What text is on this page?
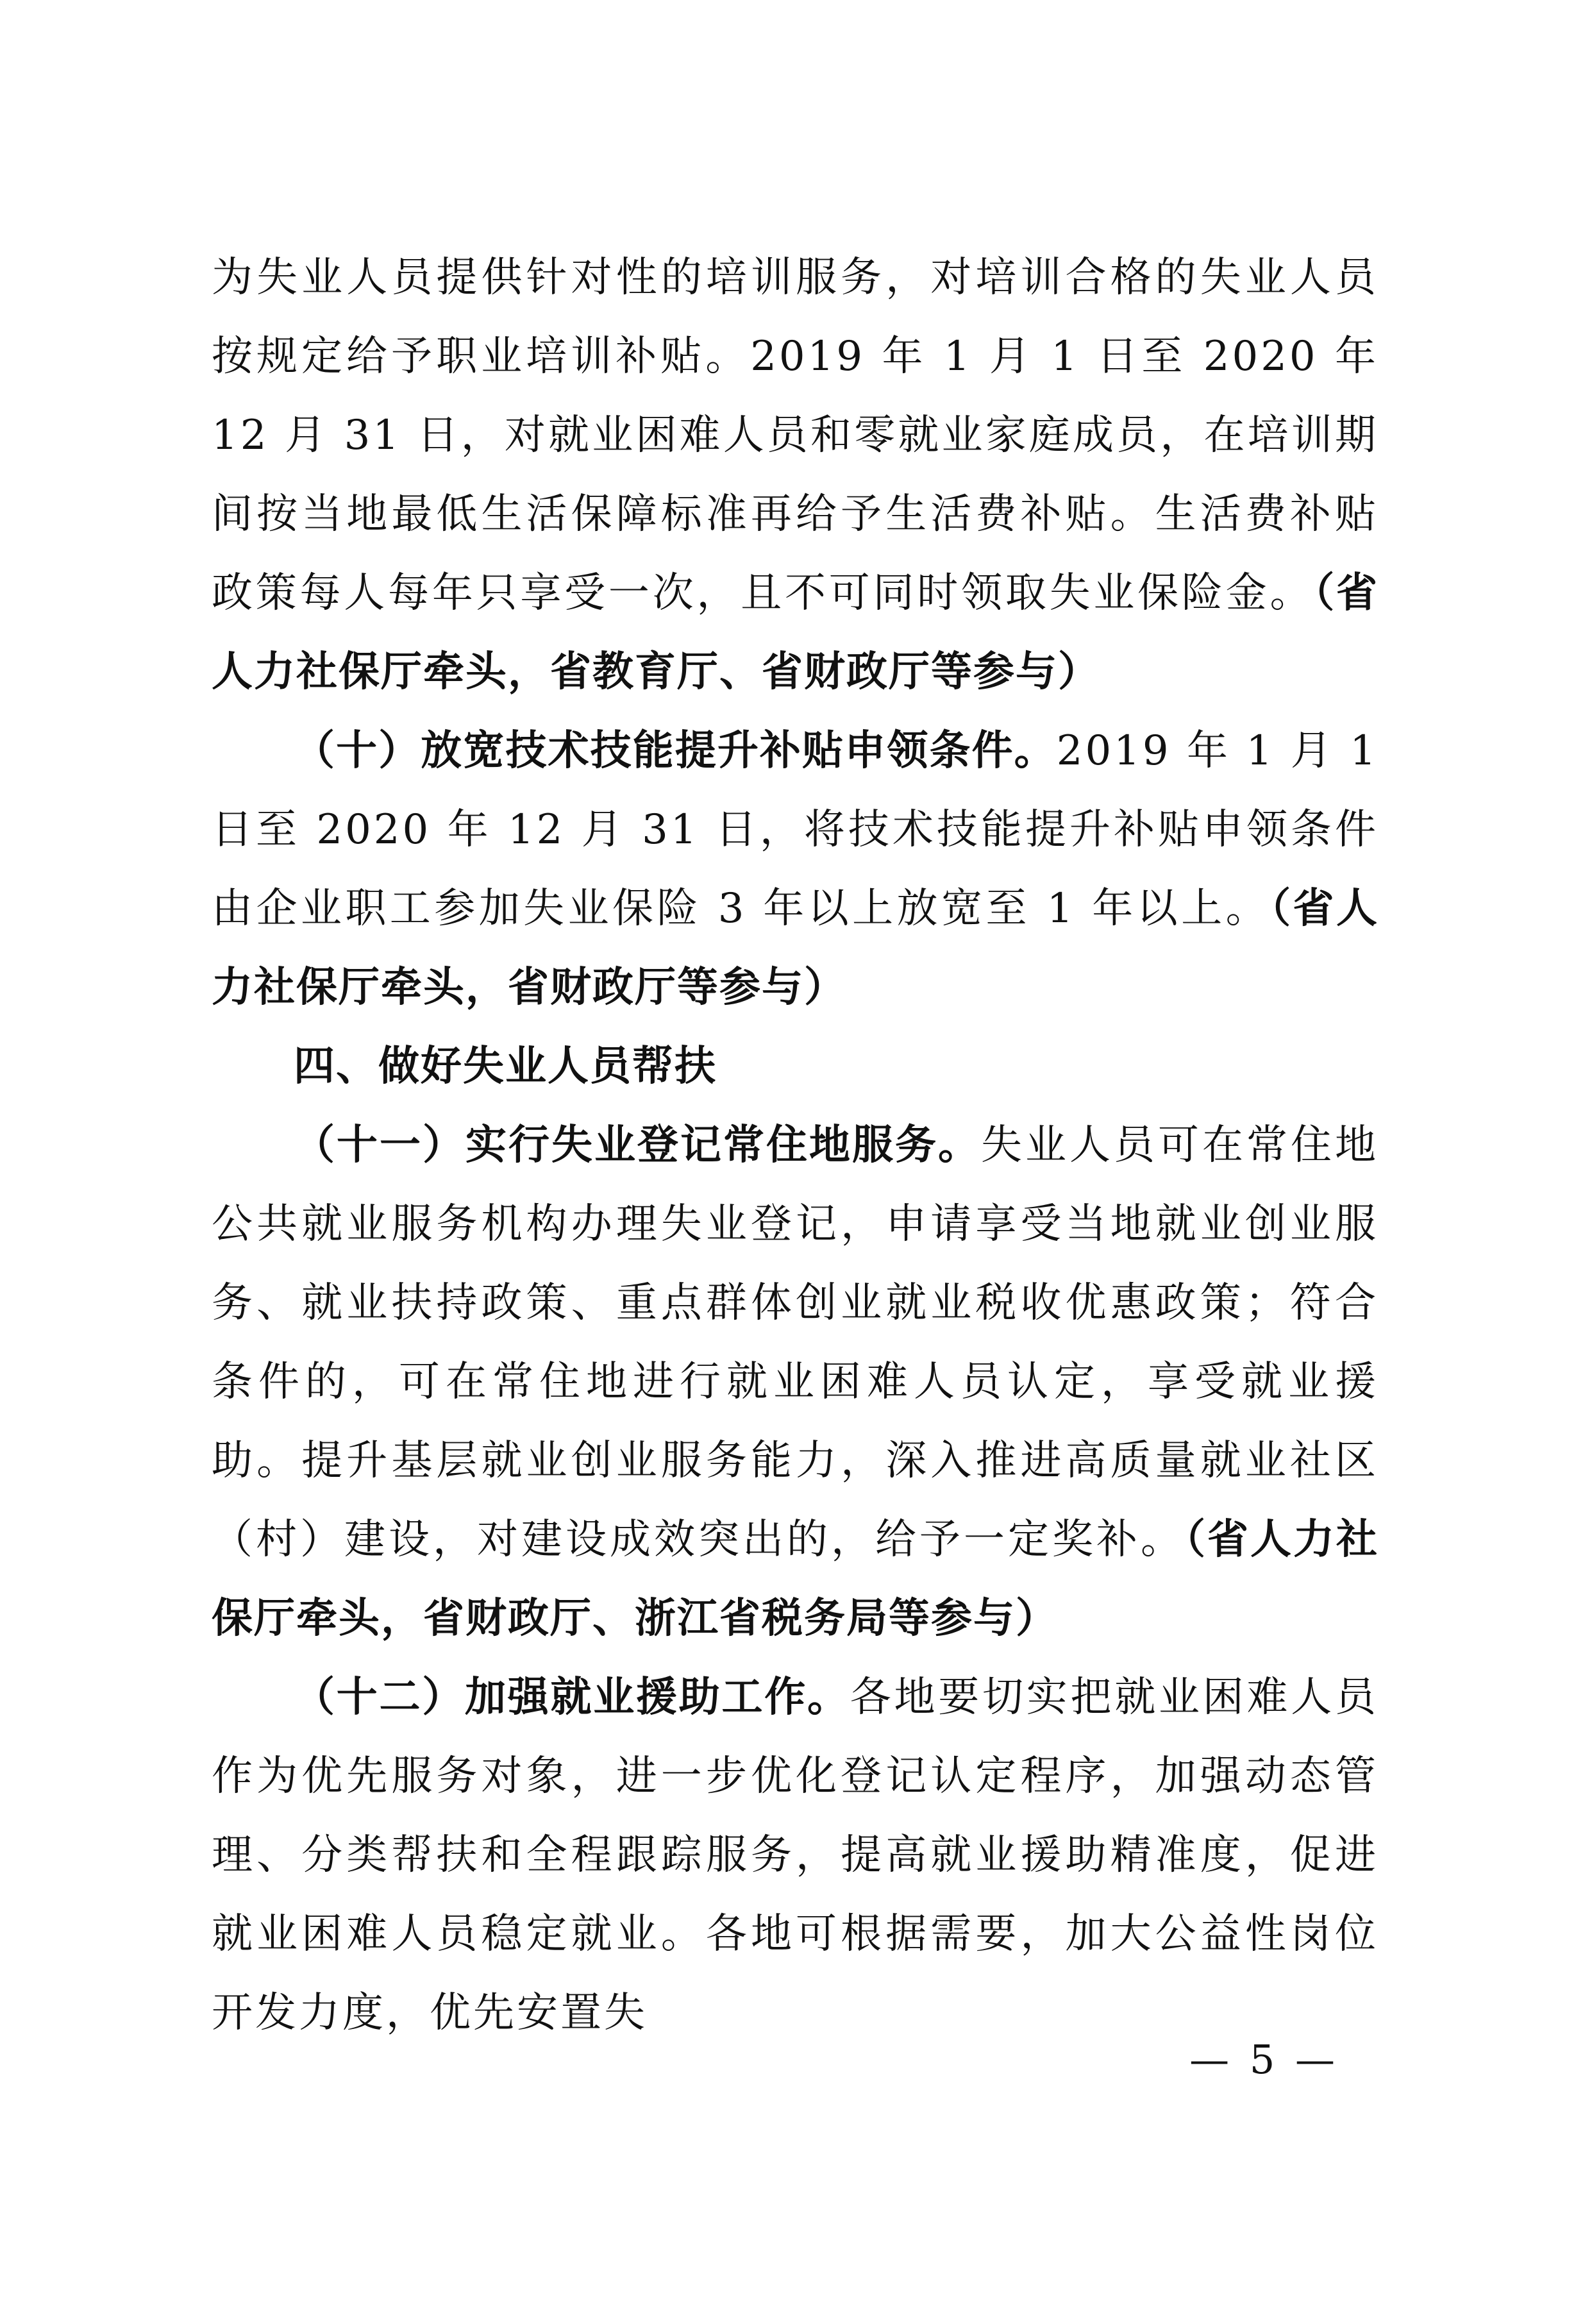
为失业人员提供针对性的培训服务，对培训合格的失业人员按规定给予职业培训补贴。2019 年 1 月 1 日至 2020 年 12 月 31 日，对就业困难人员和零就业家庭成员，在培训期间按当地最低生活保障标准再给予生活费补贴。生活费补贴政策每人每年只享受一次，且不可同时领取失业保险金。（省人力社保厅牵头，省教育厅、省财政厅等参与）

（十）放宽技术技能提升补贴申领条件。2019 年 1 月 1 日至 2020 年 12 月 31 日，将技术技能提升补贴申领条件由企业职工参加失业保险 3 年以上放宽至 1 年以上。（省人力社保厅牵头，省财政厅等参与）

四、做好失业人员帮扶

（十一）实行失业登记常住地服务。失业人员可在常住地公共就业服务机构办理失业登记，申请享受当地就业创业服务、就业扶持政策、重点群体创业就业税收优惠政策；符合条件的，可在常住地进行就业困难人员认定，享受就业援助。提升基层就业创业服务能力，深入推进高质量就业社区（村）建设，对建设成效突出的，给予一定奖补。（省人力社保厅牵头，省财政厅、浙江省税务局等参与）

（十二）加强就业援助工作。各地要切实把就业困难人员作为优先服务对象，进一步优化登记认定程序，加强动态管理、分类帮扶和全程跟踪服务，提高就业援助精准度，促进就业困难人员稳定就业。各地可根据需要，加大公益性岗位开发力度，优先安置失

— 5 —
